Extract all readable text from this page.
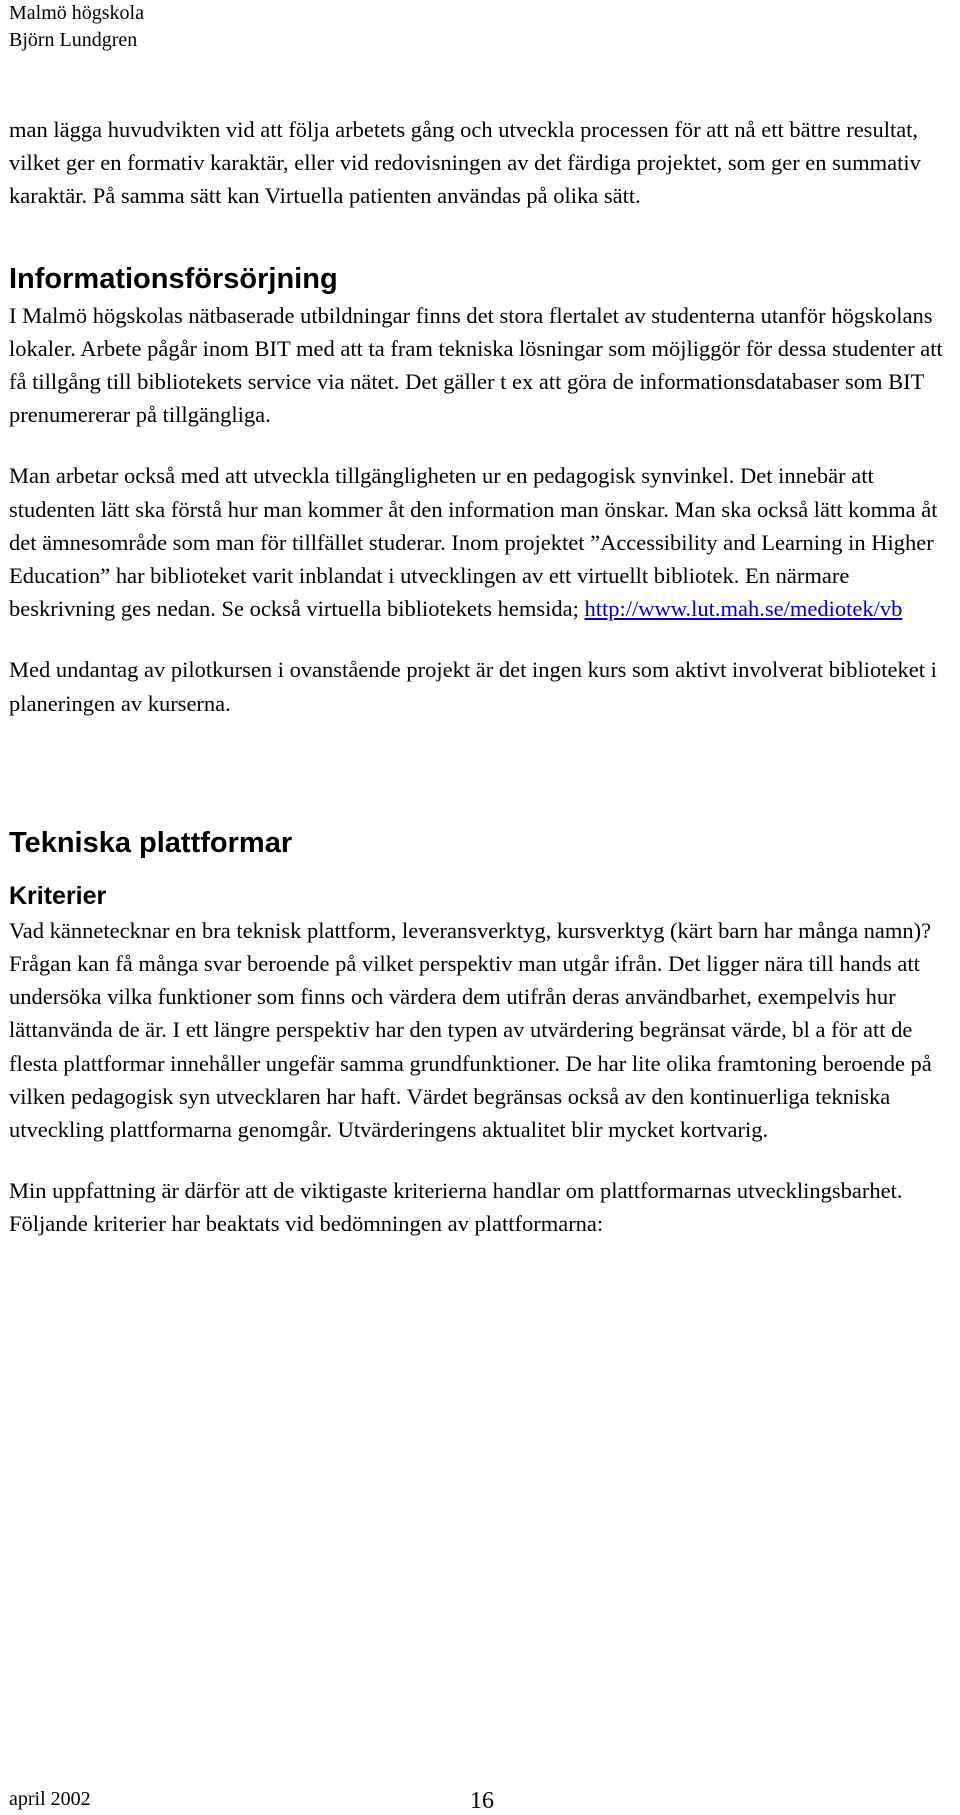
Malmö högskola
Björn Lundgren

man lägga huvudvikten vid att följa arbetets gång och utveckla processen för att nå ett bättre resultat, vilket ger en formativ karaktär, eller vid redovisningen av det färdiga projektet, som ger en summativ karaktär. På samma sätt kan Virtuella patienten användas på olika sätt.

Informationsförsörjning

I Malmö högskolas nätbaserade utbildningar finns det stora flertalet av studenterna utanför högskolans lokaler. Arbete pågår inom BIT med att ta fram tekniska lösningar som möjliggör för dessa studenter att få tillgång till bibliotekets service via nätet. Det gäller t ex att göra de informationsdatabaser som BIT prenumererar på tillgängliga.

Man arbetar också med att utveckla tillgängligheten ur en pedagogisk synvinkel. Det innebär att studenten lätt ska förstå hur man kommer åt den information man önskar. Man ska också lätt komma åt det ämnesområde som man för tillfället studerar. Inom projektet ”Accessibility and Learning in Higher Education” har biblioteket varit inblandat i utvecklingen av ett virtuellt bibliotek. En närmare beskrivning ges nedan. Se också virtuella bibliotekets hemsida; http://www.lut.mah.se/mediotek/vb

Med undantag av pilotkursen i ovanstående projekt är det ingen kurs som aktivt involverat biblioteket i planeringen av kurserna.

Tekniska plattformar
Kriterier

Vad kännetecknar en bra teknisk plattform, leveransverktyg, kursverktyg (kärt barn har många namn)? Frågan kan få många svar beroende på vilket perspektiv man utgår ifrån. Det ligger nära till hands att undersöka vilka funktioner som finns och värdera dem utifrån deras användbarhet, exempelvis hur lättanvända de är. I ett längre perspektiv har den typen av utvärdering begränsat värde, bl a för att de flesta plattformar innehåller ungefär samma grundfunktioner. De har lite olika framtoning beroende på vilken pedagogisk syn utvecklaren har haft. Värdet begränsas också av den kontinuerliga tekniska utveckling plattformarna genomgår. Utvärderingens aktualitet blir mycket kortvarig.

Min uppfattning är därför att de viktigaste kriterierna handlar om plattformarnas utvecklingsbarhet. Följande kriterier har beaktats vid bedömningen av plattformarna:

april 2002	16
